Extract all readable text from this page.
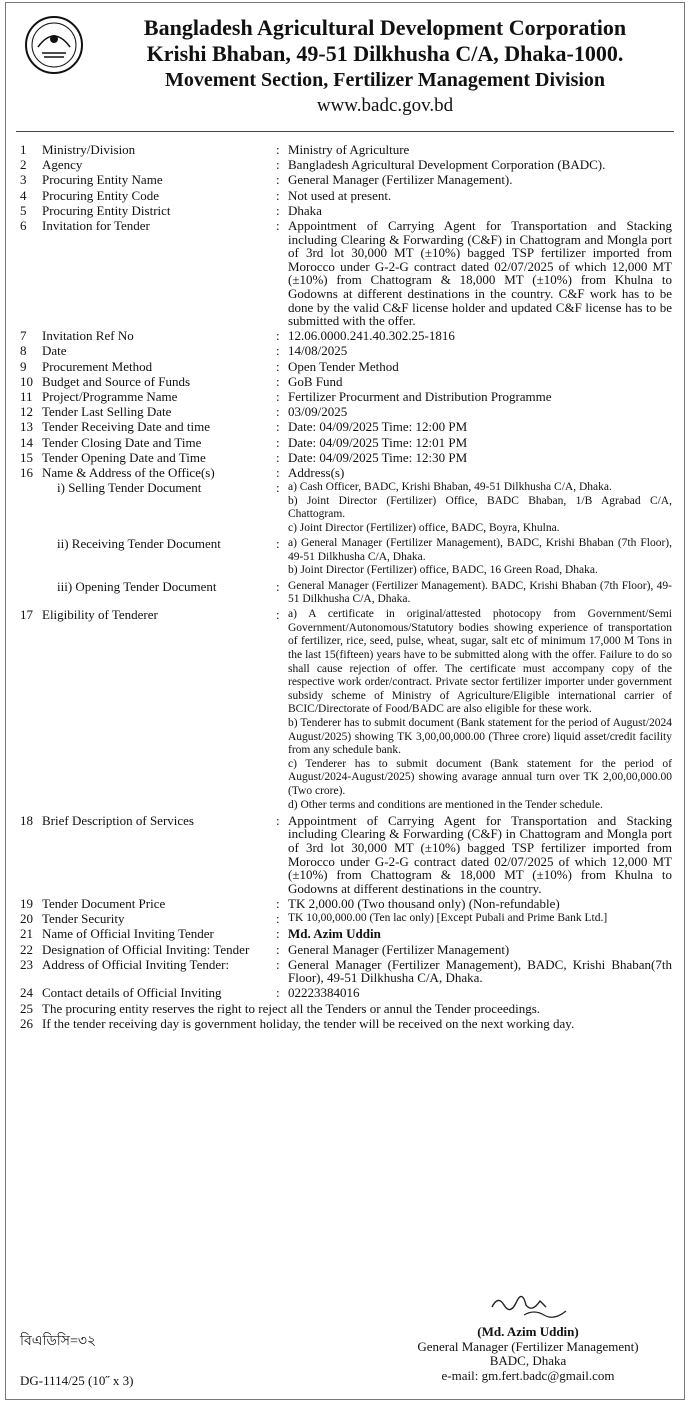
Bangladesh Agricultural Development Corporation
Krishi Bhaban, 49-51 Dilkhusha C/A, Dhaka-1000.
Movement Section, Fertilizer Management Division
www.badc.gov.bd
1	Ministry/Division	: Ministry of Agriculture
2	Agency	: Bangladesh Agricultural Development Corporation (BADC).
3	Procuring Entity Name	: General Manager (Fertilizer Management).
4	Procuring Entity Code	: Not used at present.
5	Procuring Entity District	: Dhaka
6	Invitation for Tender	: Appointment of Carrying Agent for Transportation and Stacking including Clearing & Forwarding (C&F) in Chattogram and Mongla port of 3rd lot 30,000 MT (±10%) bagged TSP fertilizer imported from Morocco under G-2-G contract dated 02/07/2025 of which 12,000 MT (±10%) from Chattogram & 18,000 MT (±10%) from Khulna to Godowns at different destinations in the country. C&F work has to be done by the valid C&F license holder and updated C&F license has to be submitted with the offer.
7	Invitation Ref No	: 12.06.0000.241.40.302.25-1816
8	Date	: 14/08/2025
9	Procurement Method	: Open Tender Method
10 Budget and Source of Funds	: GoB Fund
11 Project/Programme Name	: Fertilizer Procurment and Distribution Programme
12 Tender Last Selling Date	: 03/09/2025
13 Tender Receiving Date and time	: Date: 04/09/2025 Time: 12:00 PM
14 Tender Closing Date and Time	: Date: 04/09/2025 Time: 12:01 PM
15 Tender Opening Date and Time	: Date: 04/09/2025 Time: 12:30 PM
16 Name & Address of the Office(s)	: Address(s)
i) Selling Tender Document	: a) Cash Officer, BADC, Krishi Bhaban, 49-51 Dilkhusha C/A, Dhaka.

b) Joint Director (Fertilizer) Office, BADC Bhaban, 1/B Agrabad C/A, Chattogram.

c) Joint Director (Fertilizer) office, BADC, Boyra, Khulna.

ii) Receiving Tender Document	: a) General Manager (Fertilizer Management), BADC, Krishi Bhaban (7th Floor), 49-51 Dilkhusha C/A, Dhaka.

b) Joint Director (Fertilizer) office, BADC, 16 Green Road, Dhaka.

iii) Opening Tender Document	: General Manager (Fertilizer Management). BADC, Krishi Bhaban (7th Floor), 49-51 Dilkhusha C/A, Dhaka.

17 Eligibility of Tenderer	: a) A certificate in original/attested photocopy from Government/Semi Government/Autonomous/Statutory bodies showing experience of transportation of fertilizer, rice, seed, pulse, wheat, sugar, salt etc of minimum 17,000 M Tons in the last 15(fifteen) years have to be submitted along with the offer. Failure to do so shall cause rejection of offer. The certificate must accompany copy of the respective work order/contract. Private sector fertilizer importer under government subsidy scheme of Ministry of Agriculture/Eligible international carrier of BCIC/Directorate of Food/BADC are also eligible for these work.

b) Tenderer has to submit document (Bank statement for the period of August/2024 August/2025) showing TK 3,00,00,000.00 (Three crore) liquid asset/credit facility from any schedule bank.

c) Tenderer has to submit document (Bank statement for the period of August/2024-August/2025) showing avarage annual turn over TK 2,00,00,000.00 (Two crore).

d) Other terms and conditions are mentioned in the Tender schedule.

18 Brief Description of Services	: Appointment of Carrying Agent for Transportation and Stacking including Clearing & Forwarding (C&F) in Chattogram and Mongla port of 3rd lot 30,000 MT (±10%) bagged TSP fertilizer imported from Morocco under G-2-G contract dated 02/07/2025 of which 12,000 MT (±10%) from Chattogram & 18,000 MT (±10%) from Khulna to Godowns at different destinations in the country.
19 Tender Document Price	: TK 2,000.00 (Two thousand only) (Non-refundable)
20 Tender Security	: TK 10,00,000.00 (Ten lac only) [Except Pubali and Prime Bank Ltd.]
21 Name of Official Inviting Tender	: Md. Azim Uddin
22 Designation of Official Inviting: Tender	: General Manager (Fertilizer Management)
23 Address of Official Inviting Tender:	: General Manager (Fertilizer Management), BADC, Krishi Bhaban(7th Floor), 49-51 Dilkhusha C/A, Dhaka.
24 Contact details of Official Inviting	: 02223384016
25 The procuring entity reserves the right to reject all the Tenders or annul the Tender proceedings.
26 If the tender receiving day is government holiday, the tender will be received on the next working day.
বিএডিসি=৩২
DG-1114/25 (10˝ x 3)
(Md. Azim Uddin)
General Manager (Fertilizer Management)
BADC, Dhaka
e-mail: gm.fert.badc@gmail.com
